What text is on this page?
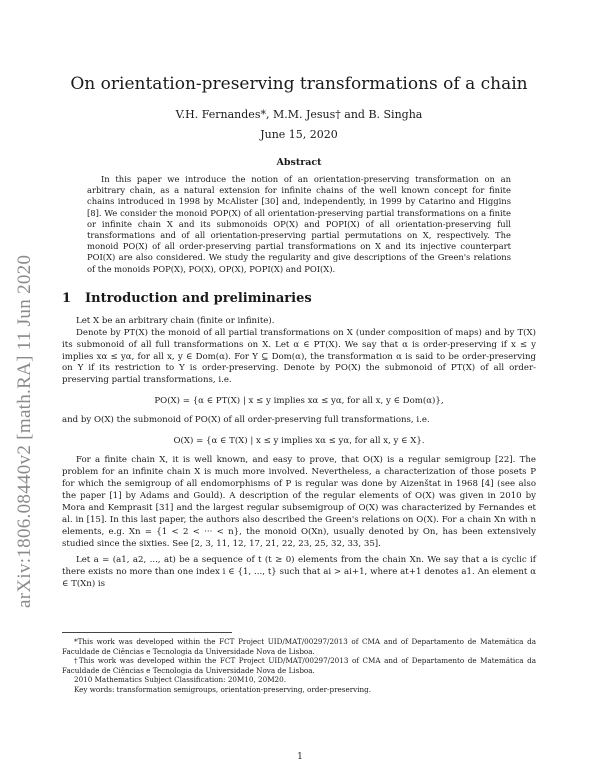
arXiv:1806.08440v2 [math.RA] 11 Jun 2020
On orientation-preserving transformations of a chain
V.H. Fernandes*, M.M. Jesus† and B. Singha
June 15, 2020
Abstract
In this paper we introduce the notion of an orientation-preserving transformation on an arbitrary chain, as a natural extension for infinite chains of the well known concept for finite chains introduced in 1998 by McAlister [30] and, independently, in 1999 by Catarino and Higgins [8]. We consider the monoid POP(X) of all orientation-preserving partial transformations on a finite or infinite chain X and its submonoids OP(X) and POPI(X) of all orientation-preserving full transformations and of all orientation-preserving partial permutations on X, respectively. The monoid PO(X) of all order-preserving partial transformations on X and its injective counterpart POI(X) are also considered. We study the regularity and give descriptions of the Green's relations of the monoids POP(X), PO(X), OP(X), POPI(X) and POI(X).
1 Introduction and preliminaries

Let X be an arbitrary chain (finite or infinite).

Denote by PT(X) the monoid of all partial transformations on X (under composition of maps) and by T(X) its submonoid of all full transformations on X. Let α ∈ PT(X). We say that α is order-preserving if x ≤ y implies xα ≤ yα, for all x, y ∈ Dom(α). For Y ⊆ Dom(α), the transformation α is said to be order-preserving on Y if its restriction to Y is order-preserving. Denote by PO(X) the submonoid of PT(X) of all order-preserving partial transformations, i.e.

PO(X) = {α ∈ PT(X) | x ≤ y implies xα ≤ yα, for all x, y ∈ Dom(α)},

and by O(X) the submonoid of PO(X) of all order-preserving full transformations, i.e.

O(X) = {α ∈ T(X) | x ≤ y implies xα ≤ yα, for all x, y ∈ X}.

For a finite chain X, it is well known, and easy to prove, that O(X) is a regular semigroup [22]. The problem for an infinite chain X is much more involved. Nevertheless, a characterization of those posets P for which the semigroup of all endomorphisms of P is regular was done by Aizenštat in 1968 [4] (see also the paper [1] by Adams and Gould). A description of the regular elements of O(X) was given in 2010 by Mora and Kemprasit [31] and the largest regular subsemigroup of O(X) was characterized by Fernandes et al. in [15]. In this last paper, the authors also described the Green's relations on O(X). For a chain Xn with n elements, e.g. Xn = {1 < 2 < ··· < n}, the monoid O(Xn), usually denoted by On, has been extensively studied since the sixties. See [2, 3, 11, 12, 17, 21, 22, 23, 25, 32, 33, 35].

Let a = (a1, a2, ..., at) be a sequence of t (t ≥ 0) elements from the chain Xn. We say that a is cyclic if there exists no more than one index i ∈ {1, ..., t} such that ai > ai+1, where at+1 denotes a1. An element α ∈ T(Xn) is

*This work was developed within the FCT Project UID/MAT/00297/2013 of CMA and of Departamento de Matemática da Faculdade de Ciências e Tecnologia da Universidade Nova de Lisboa.

†This work was developed within the FCT Project UID/MAT/00297/2013 of CMA and of Departamento de Matemática da Faculdade de Ciências e Tecnologia da Universidade Nova de Lisboa.

2010 Mathematics Subject Classification: 20M10, 20M20.

Key words: transformation semigroups, orientation-preserving, order-preserving.

1
